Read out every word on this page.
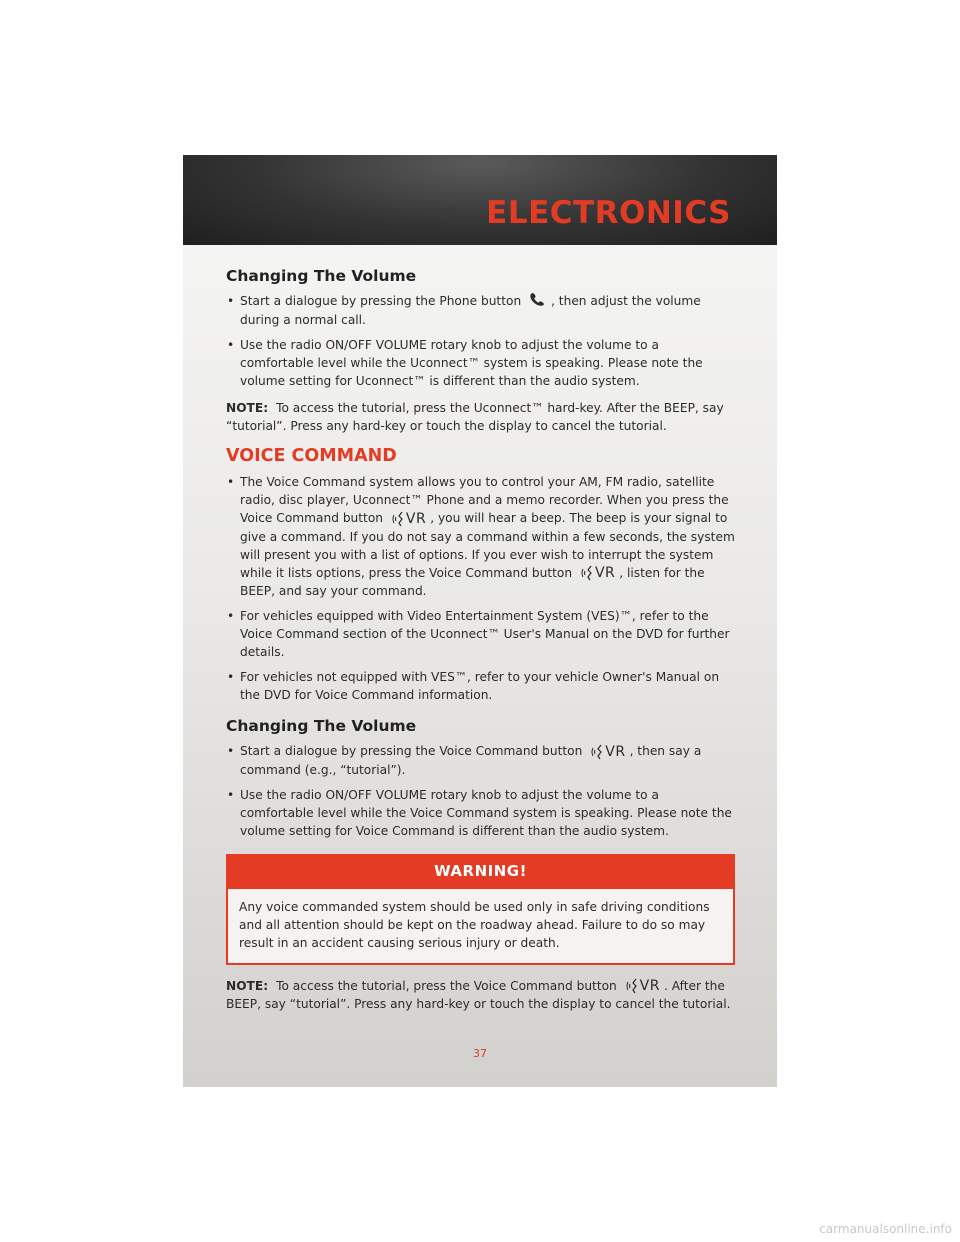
ELECTRONICS
Changing The Volume
• Start a dialogue by pressing the Phone button , then adjust the volume during a normal call.
• Use the radio ON/OFF VOLUME rotary knob to adjust the volume to a comfortable level while the Uconnect™ system is speaking. Please note the volume setting for Uconnect™ is different than the audio system.

NOTE: To access the tutorial, press the Uconnect™ hard-key. After the BEEP, say “tutorial”. Press any hard-key or touch the display to cancel the tutorial.

VOICE COMMAND
• The Voice Command system allows you to control your AM, FM radio, satellite radio, disc player, Uconnect™ Phone and a memo recorder. When you press the Voice Command button VR , you will hear a beep. The beep is your signal to give a command. If you do not say a command within a few seconds, the system will present you with a list of options. If you ever wish to interrupt the system while it lists options, press the Voice Command button VR , listen for the BEEP, and say your command.
• For vehicles equipped with Video Entertainment System (VES)™, refer to the Voice Command section of the Uconnect™ User's Manual on the DVD for further details.
• For vehicles not equipped with VES™, refer to your vehicle Owner's Manual on the DVD for Voice Command information.
Changing The Volume
• Start a dialogue by pressing the Voice Command button VR , then say a command (e.g., “tutorial”).
• Use the radio ON/OFF VOLUME rotary knob to adjust the volume to a comfortable level while the Voice Command system is speaking. Please note the volume setting for Voice Command is different than the audio system.
WARNING!
Any voice commanded system should be used only in safe driving conditions and all attention should be kept on the roadway ahead. Failure to do so may result in an accident causing serious injury or death.

NOTE: To access the tutorial, press the Voice Command button VR . After the BEEP, say “tutorial”. Press any hard-key or touch the display to cancel the tutorial.

37
carmanualsonline.info
